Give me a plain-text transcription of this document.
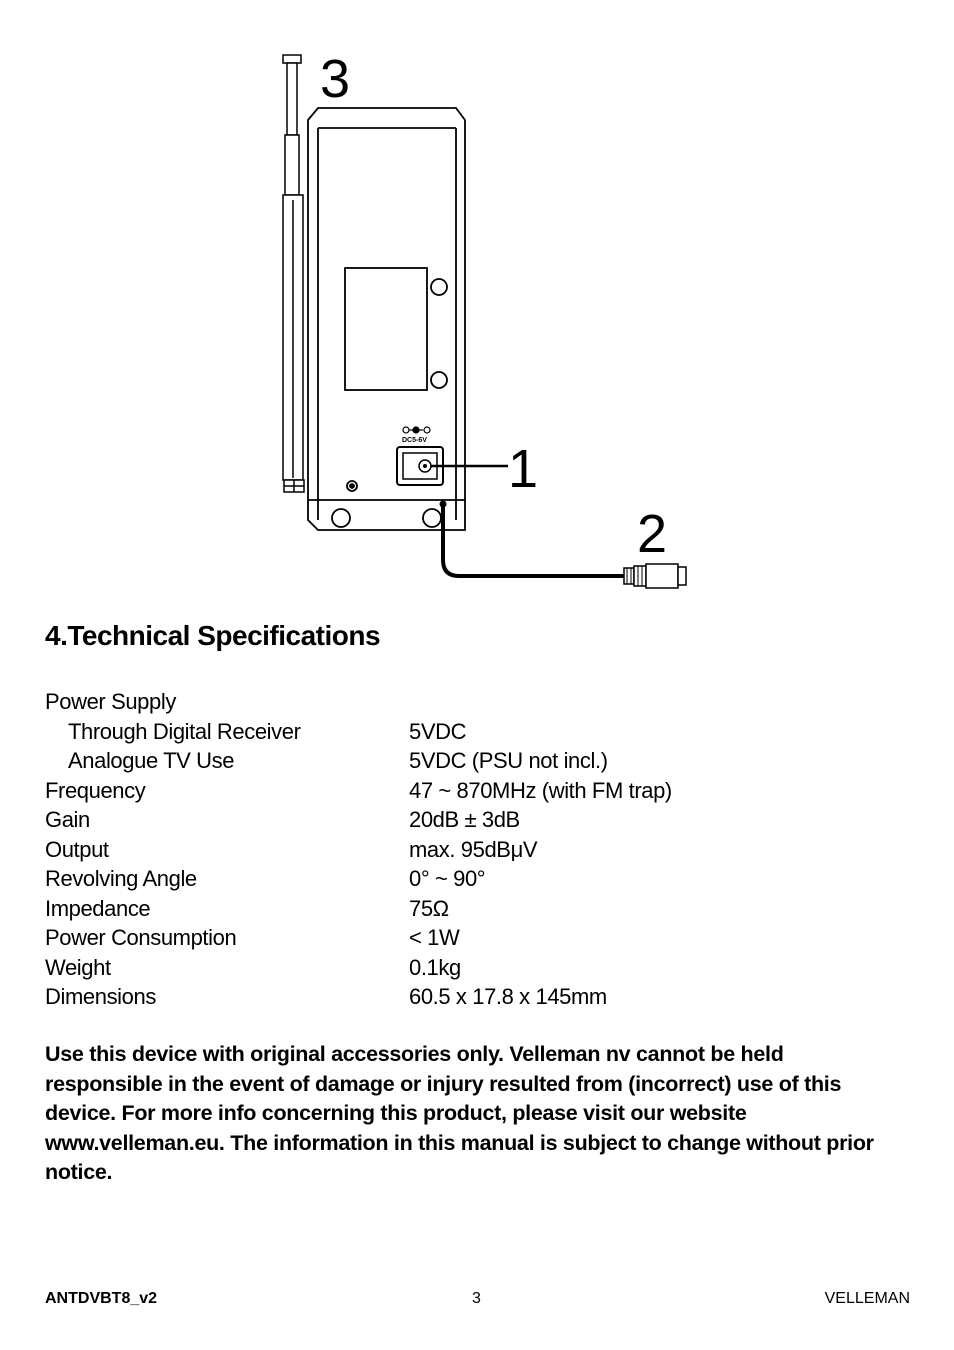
DC5-6V
3
1
2
4.Technical Specifications
Power Supply
Through Digital Receiver	5VDC
Analogue TV Use	5VDC (PSU not incl.)
Frequency	47 ~ 870MHz (with FM trap)
Gain	20dB ± 3dB
Output	max. 95dBμV
Revolving Angle	0° ~ 90°
Impedance	75Ω
Power Consumption	< 1W
Weight	0.1kg
Dimensions	60.5 x 17.8 x 145mm

Use this device with original accessories only. Velleman nv cannot be held responsible in the event of damage or injury resulted from (incorrect) use of this device. For more info concerning this product, please visit our website www.velleman.eu. The information in this manual is subject to change without prior notice.

ANTDVBT8_v2	3	VELLEMAN
